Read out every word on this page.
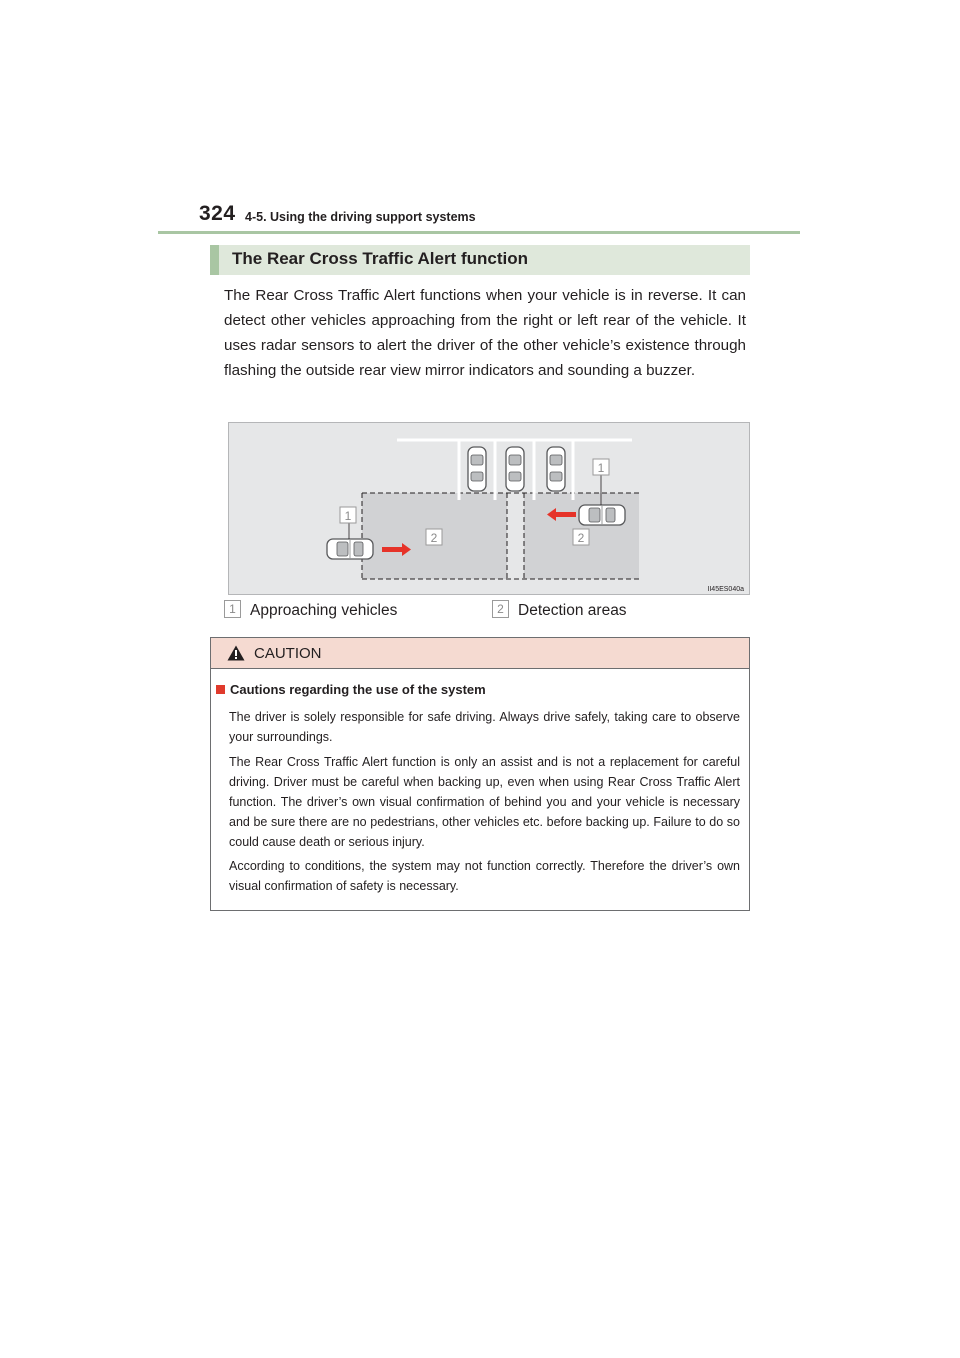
324 4-5. Using the driving support systems
The Rear Cross Traffic Alert function

The Rear Cross Traffic Alert functions when your vehicle is in reverse. It can detect other vehicles approaching from the right or left rear of the vehicle. It uses radar sensors to alert the driver of the other vehicle’s existence through flashing the outside rear view mirror indicators and sounding a buzzer.

1
1
2	2
II45ES040a
1 Approaching vehicles	2 Detection areas
CAUTION
Cautions regarding the use of the system

The driver is solely responsible for safe driving. Always drive safely, taking care to observe your surroundings.

The Rear Cross Traffic Alert function is only an assist and is not a replacement for careful driving. Driver must be careful when backing up, even when using Rear Cross Traffic Alert function. The driver’s own visual confirmation of behind you and your vehicle is necessary and be sure there are no pedestrians, other vehicles etc. before backing up. Failure to do so could cause death or serious injury.

According to conditions, the system may not function correctly. Therefore the driver’s own visual confirmation of safety is necessary.
